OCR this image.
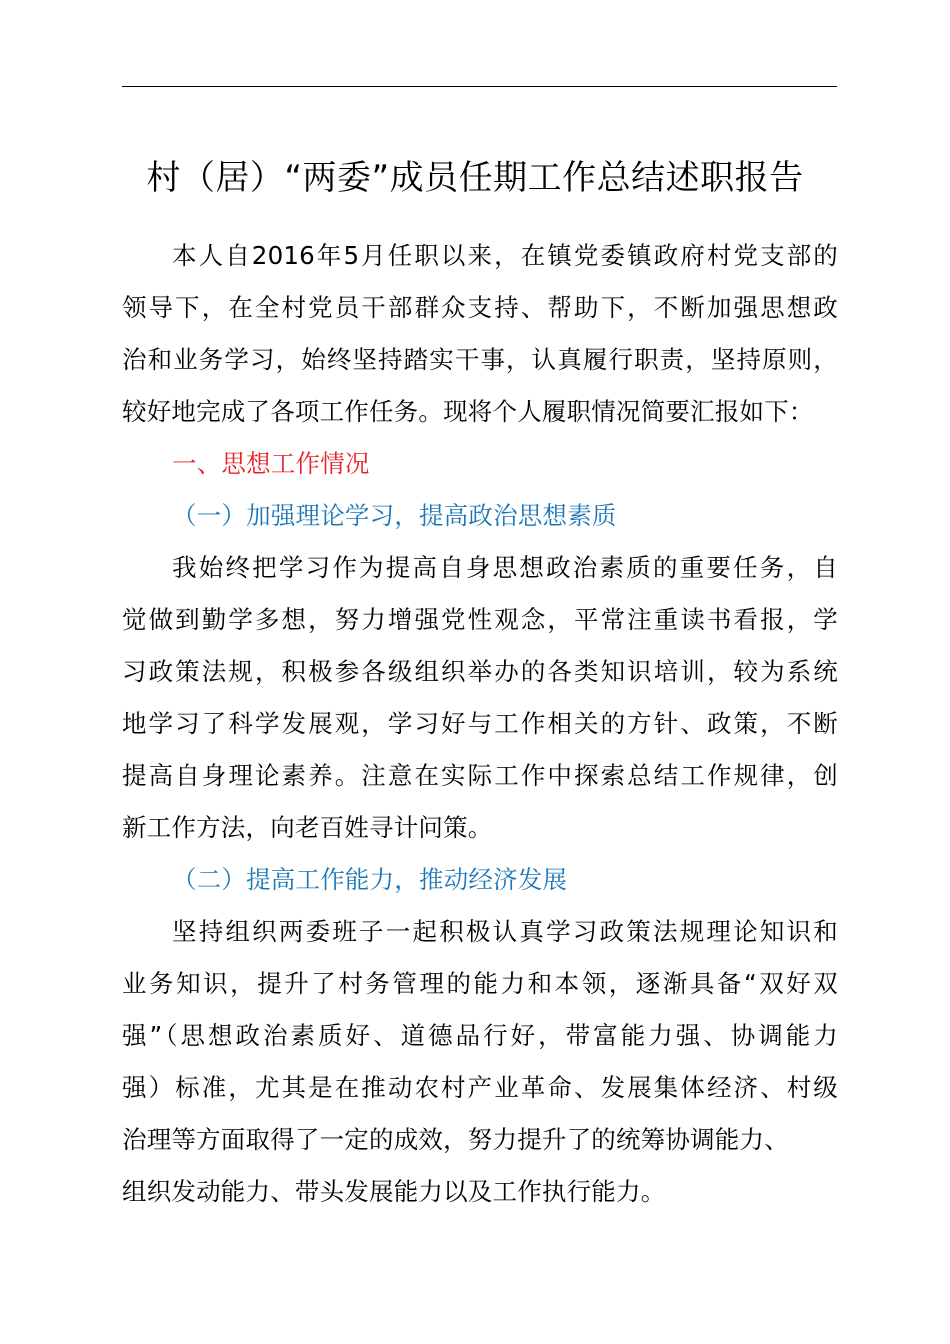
村（居）“两委”成员任期工作总结述职报告
本人自2016年5月任职以来，在镇党委镇政府村党支部的
领导下，在全村党员干部群众支持、帮助下，不断加强思想政
治和业务学习，始终坚持踏实干事，认真履行职责，坚持原则，
较好地完成了各项工作任务。现将个人履职情况简要汇报如下：
一、思想工作情况
（一）加强理论学习，提高政治思想素质
我始终把学习作为提高自身思想政治素质的重要任务，自
觉做到勤学多想，努力增强党性观念，平常注重读书看报，学
习政策法规，积极参各级组织举办的各类知识培训，较为系统
地学习了科学发展观，学习好与工作相关的方针、政策，不断
提高自身理论素养。注意在实际工作中探索总结工作规律，创
新工作方法，向老百姓寻计问策。
（二）提高工作能力，推动经济发展
坚持组织两委班子一起积极认真学习政策法规理论知识和
业务知识，提升了村务管理的能力和本领，逐渐具备“双好双
强”（思想政治素质好、道德品行好，带富能力强、协调能力
强）标准，尤其是在推动农村产业革命、发展集体经济、村级
治理等方面取得了一定的成效，努力提升了的统筹协调能力、
组织发动能力、带头发展能力以及工作执行能力。
